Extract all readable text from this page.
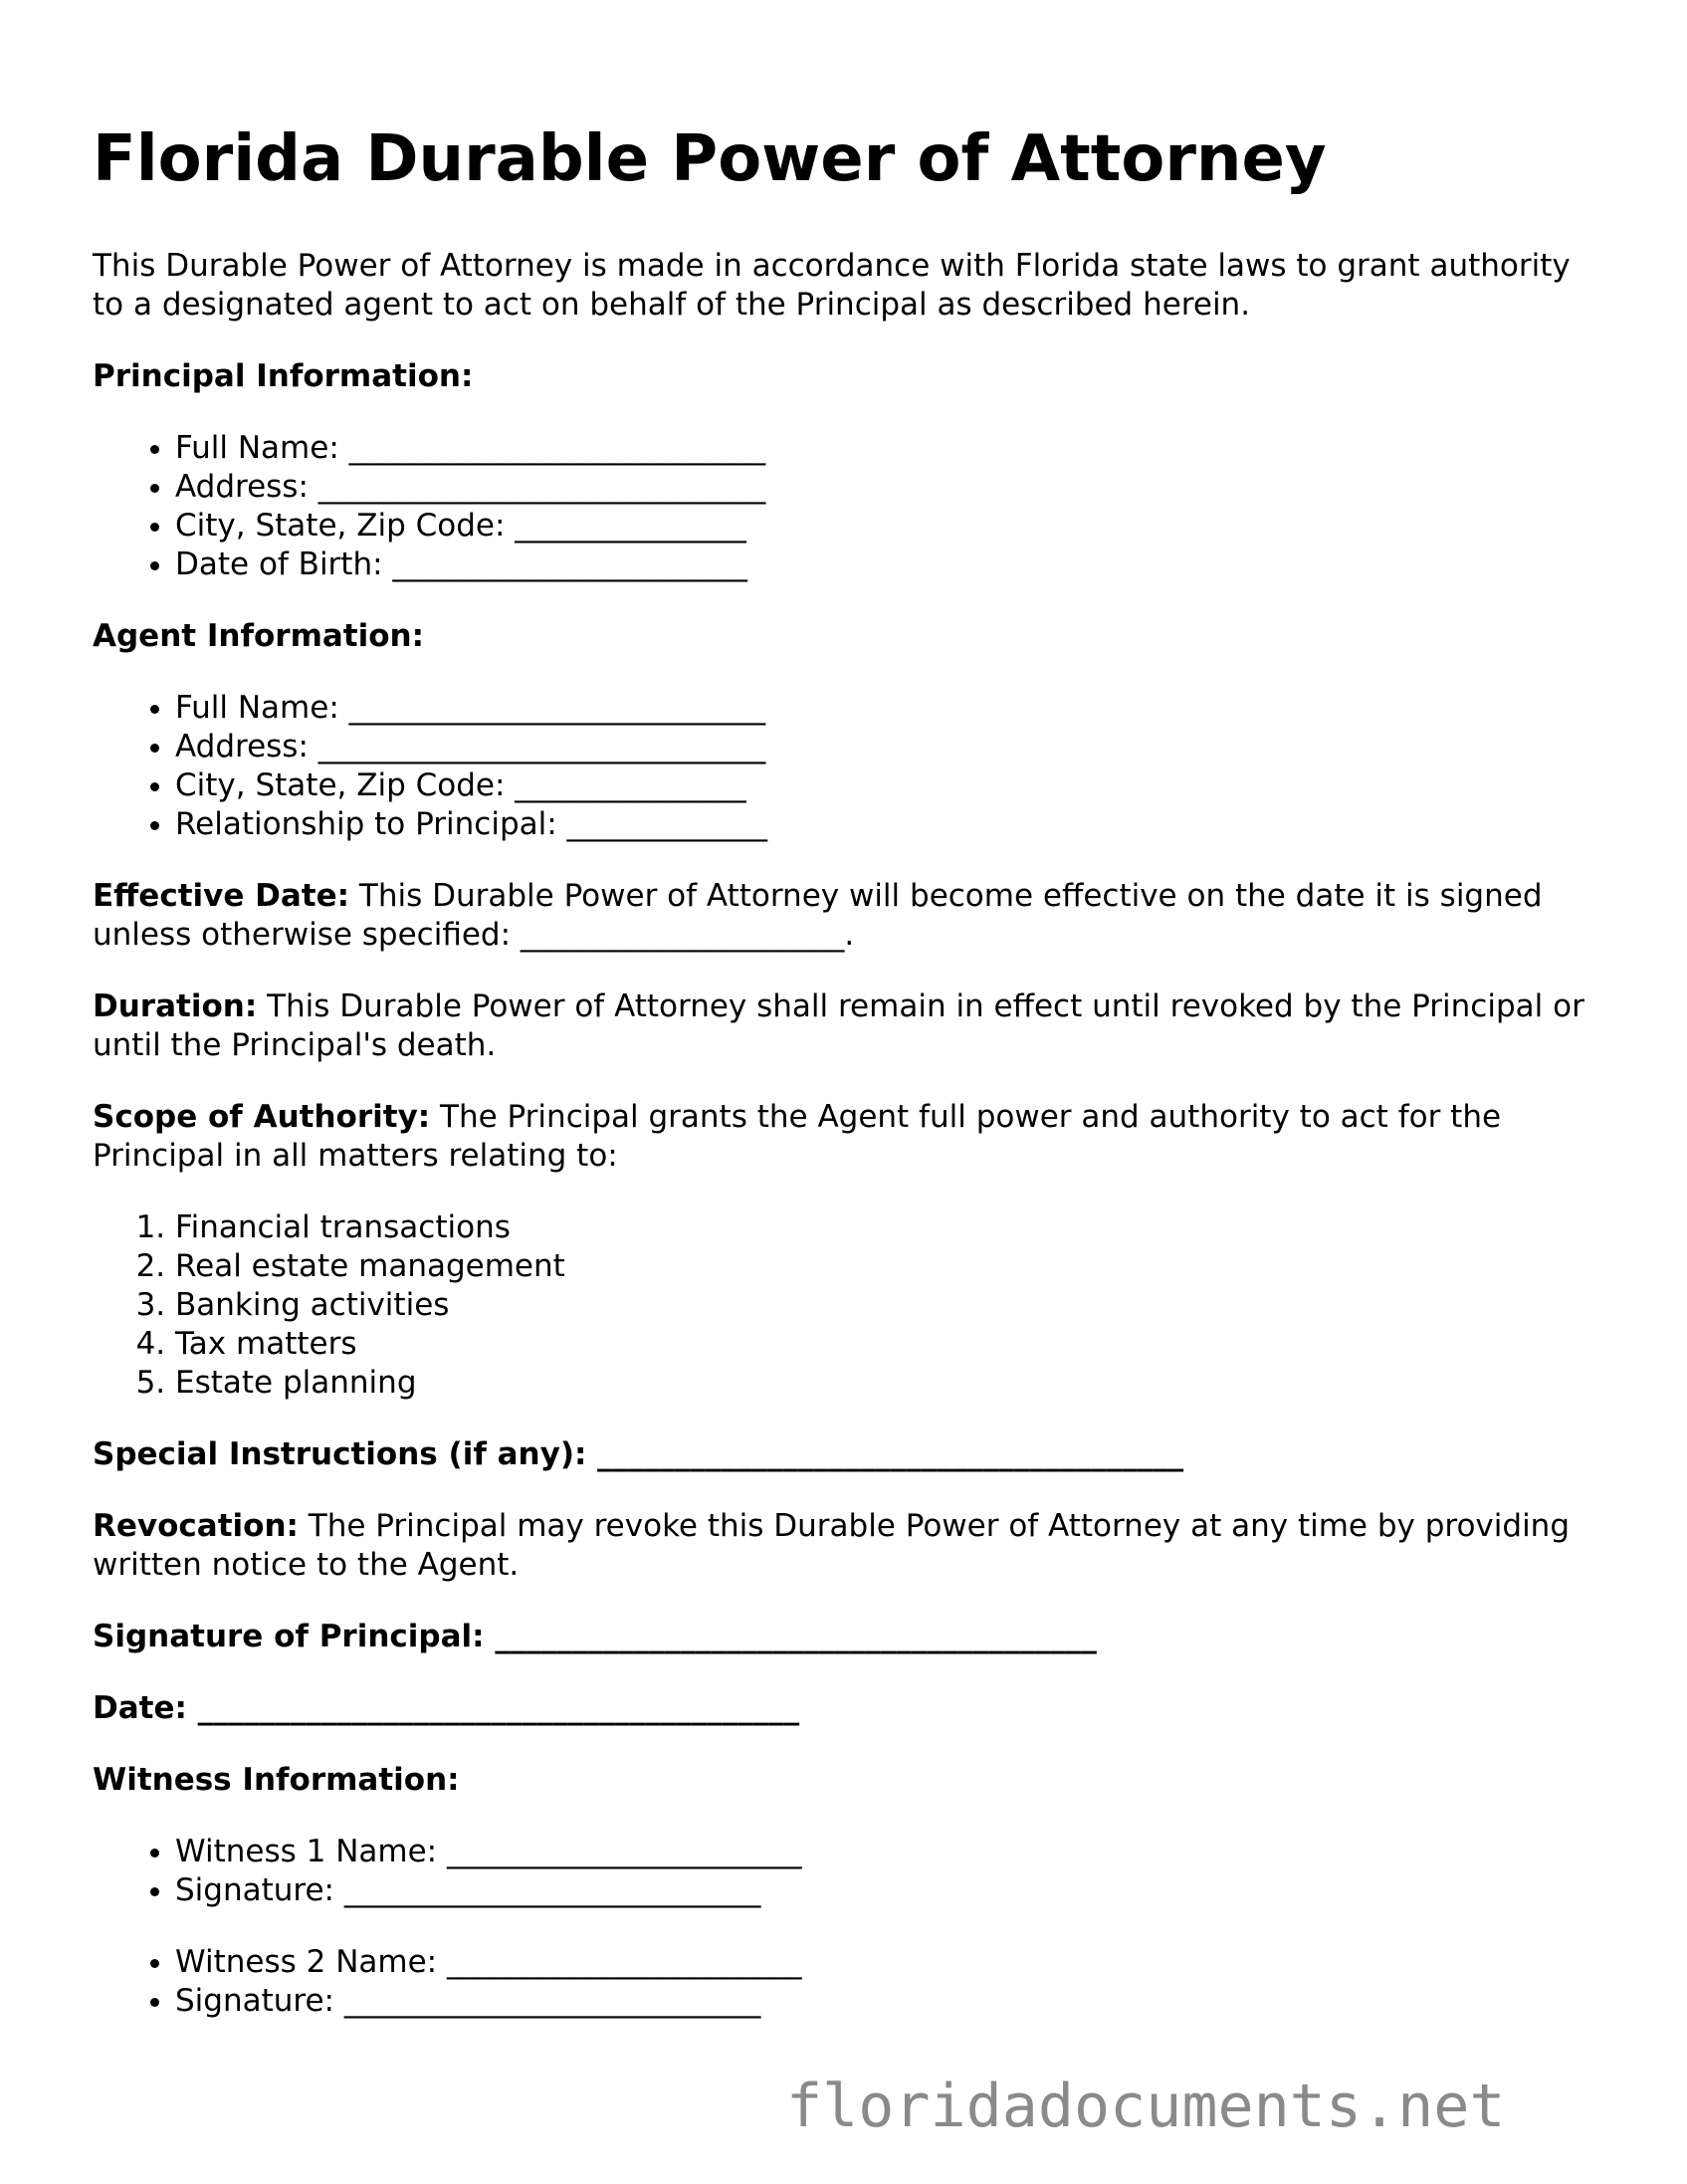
Florida Durable Power of Attorney

This Durable Power of Attorney is made in accordance with Florida state laws to grant authority to a designated agent to act on behalf of the Principal as described herein.

Principal Information:

• Full Name: ___________________________
• Address: _____________________________
• City, State, Zip Code: _______________
• Date of Birth: _______________________

Agent Information:

• Full Name: ___________________________
• Address: _____________________________
• City, State, Zip Code: _______________
• Relationship to Principal: _____________

Effective Date: This Durable Power of Attorney will become effective on the date it is signed unless otherwise specified: _____________________.

Duration: This Durable Power of Attorney shall remain in effect until revoked by the Principal or until the Principal's death.

Scope of Authority: The Principal grants the Agent full power and authority to act for the Principal in all matters relating to:

1. Financial transactions
2. Real estate management
3. Banking activities
4. Tax matters
5. Estate planning

Special Instructions (if any): ______________________________________

Revocation: The Principal may revoke this Durable Power of Attorney at any time by providing written notice to the Agent.

Signature of Principal: _______________________________________

Date: _______________________________________

Witness Information:

• Witness 1 Name: _______________________
• Signature: ___________________________
• Witness 2 Name: _______________________
• Signature: ___________________________
floridadocuments.net
